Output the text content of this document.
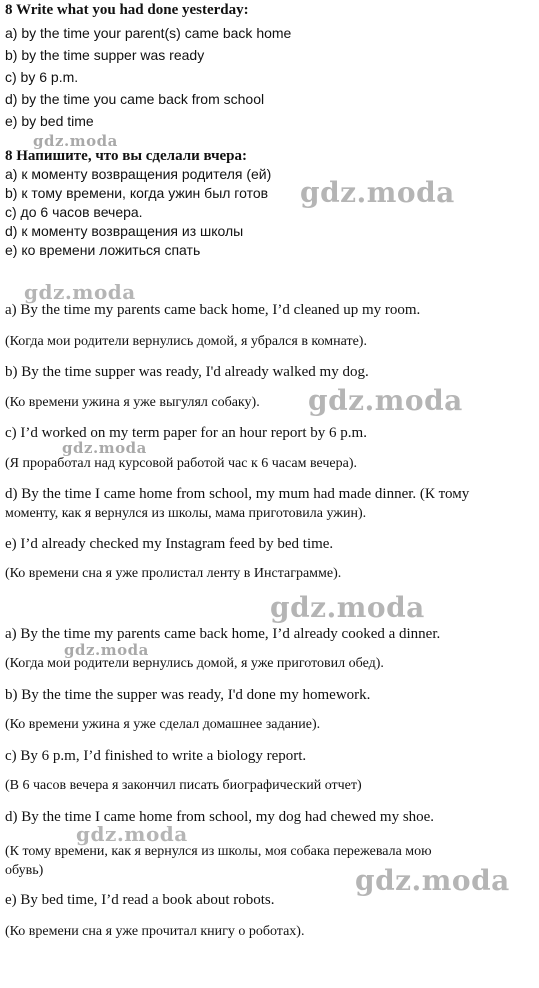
8 Write what you had done yesterday:
a) by the time your parent(s) came back home
b) by the time supper was ready
c) by 6 p.m.
d) by the time you came back from school
e) by bed time
8 Напишите, что вы сделали вчера:
а) к моменту возвращения родителя (ей)
b) к тому времени, когда ужин был готов
с) до 6 часов вечера.
d) к моменту возвращения из школы
е) ко времени ложиться спать
a) By the time my parents came back home, I’d cleaned up my room.
(Когда мои родители вернулись домой, я убрался в комнате).
b) By the time supper was ready, I'd already walked my dog.
(Ко времени ужина я уже выгулял собаку).
c) I’d worked on my term paper for an hour report by 6 p.m.
(Я проработал над курсовой работой час к 6 часам вечера).
d) By the time I came home from school, my mum had made dinner. (К тому
моменту, как я вернулся из школы, мама приготовила ужин).
e) I’d already checked my Instagram feed by bed time.
(Ко времени сна я уже пролистал ленту в Инстаграмме).
a) By the time my parents came back home, I’d already cooked a dinner.
(Когда мои родители вернулись домой, я уже приготовил обед).
b) By the time the supper was ready, I'd done my homework.
(Ко времени ужина я уже сделал домашнее задание).
c) By 6 p.m, I’d finished to write a biology report.
(В 6 часов вечера я закончил писать биографический отчет)
d) By the time I came home from school, my dog had chewed my shoe.
(К тому времени, как я вернулся из школы, моя собака пережевала мою
обувь)
e) By bed time, I’d read a book about robots.
(Ко времени сна я уже прочитал книгу о роботах).
gdz.moda
gdz.moda
gdz.moda
gdz.moda
gdz.moda
gdz.moda
gdz.moda
gdz.moda
gdz.moda
